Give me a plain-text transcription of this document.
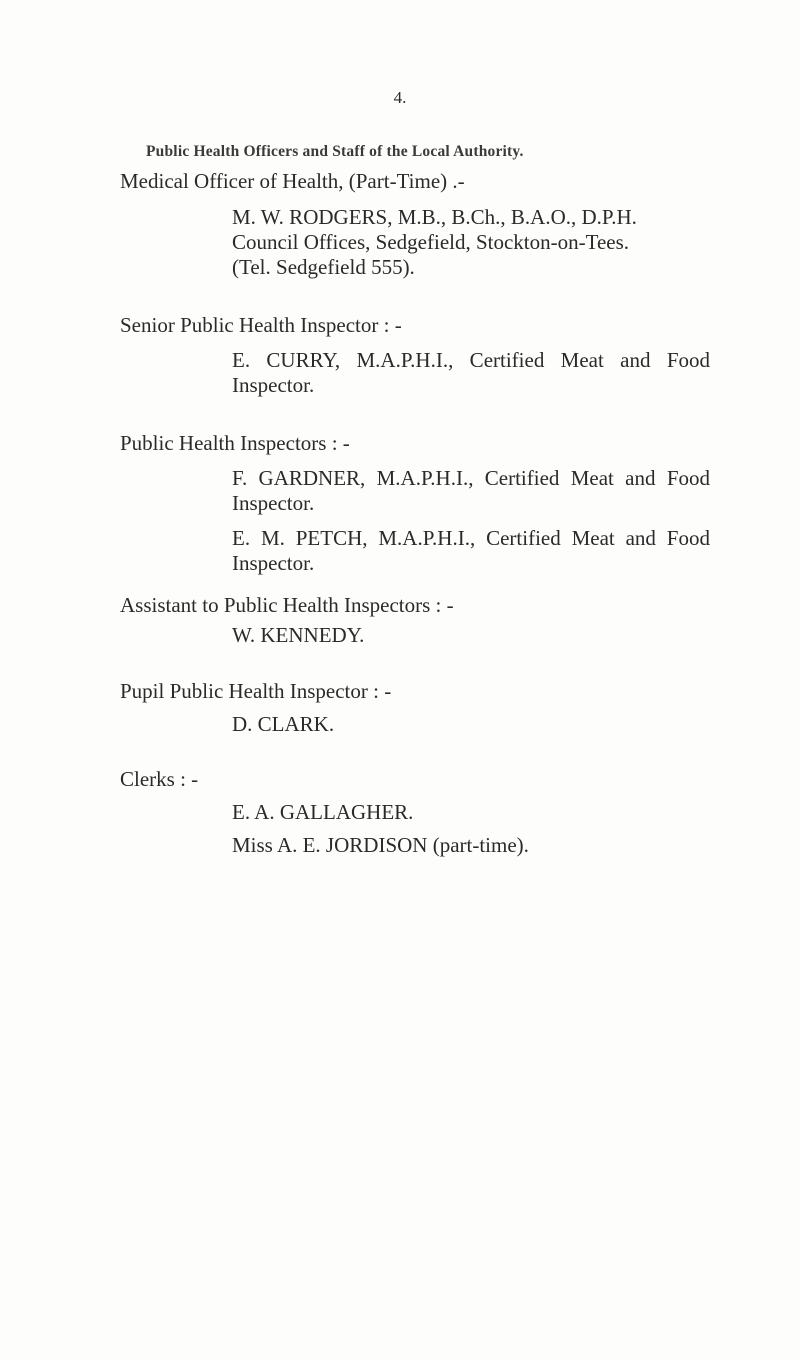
4.
Public Health Officers and Staff of the Local Authority.
Medical Officer of Health, (Part-Time) .-
M. W. RODGERS, M.B., B.Ch., B.A.O., D.P.H.
Council Offices, Sedgefield, Stockton-on-Tees.
(Tel. Sedgefield 555).
Senior Public Health Inspector : -
E. CURRY, M.A.P.H.I., Certified Meat and Food
Inspector.
Public Health Inspectors : -
F. GARDNER, M.A.P.H.I., Certified Meat and Food
Inspector.
E. M. PETCH, M.A.P.H.I., Certified Meat and Food
Inspector.
Assistant to Public Health Inspectors : -
W. KENNEDY.
Pupil Public Health Inspector : -
D. CLARK.
Clerks : -
E. A. GALLAGHER.
Miss A. E. JORDISON (part-time).
